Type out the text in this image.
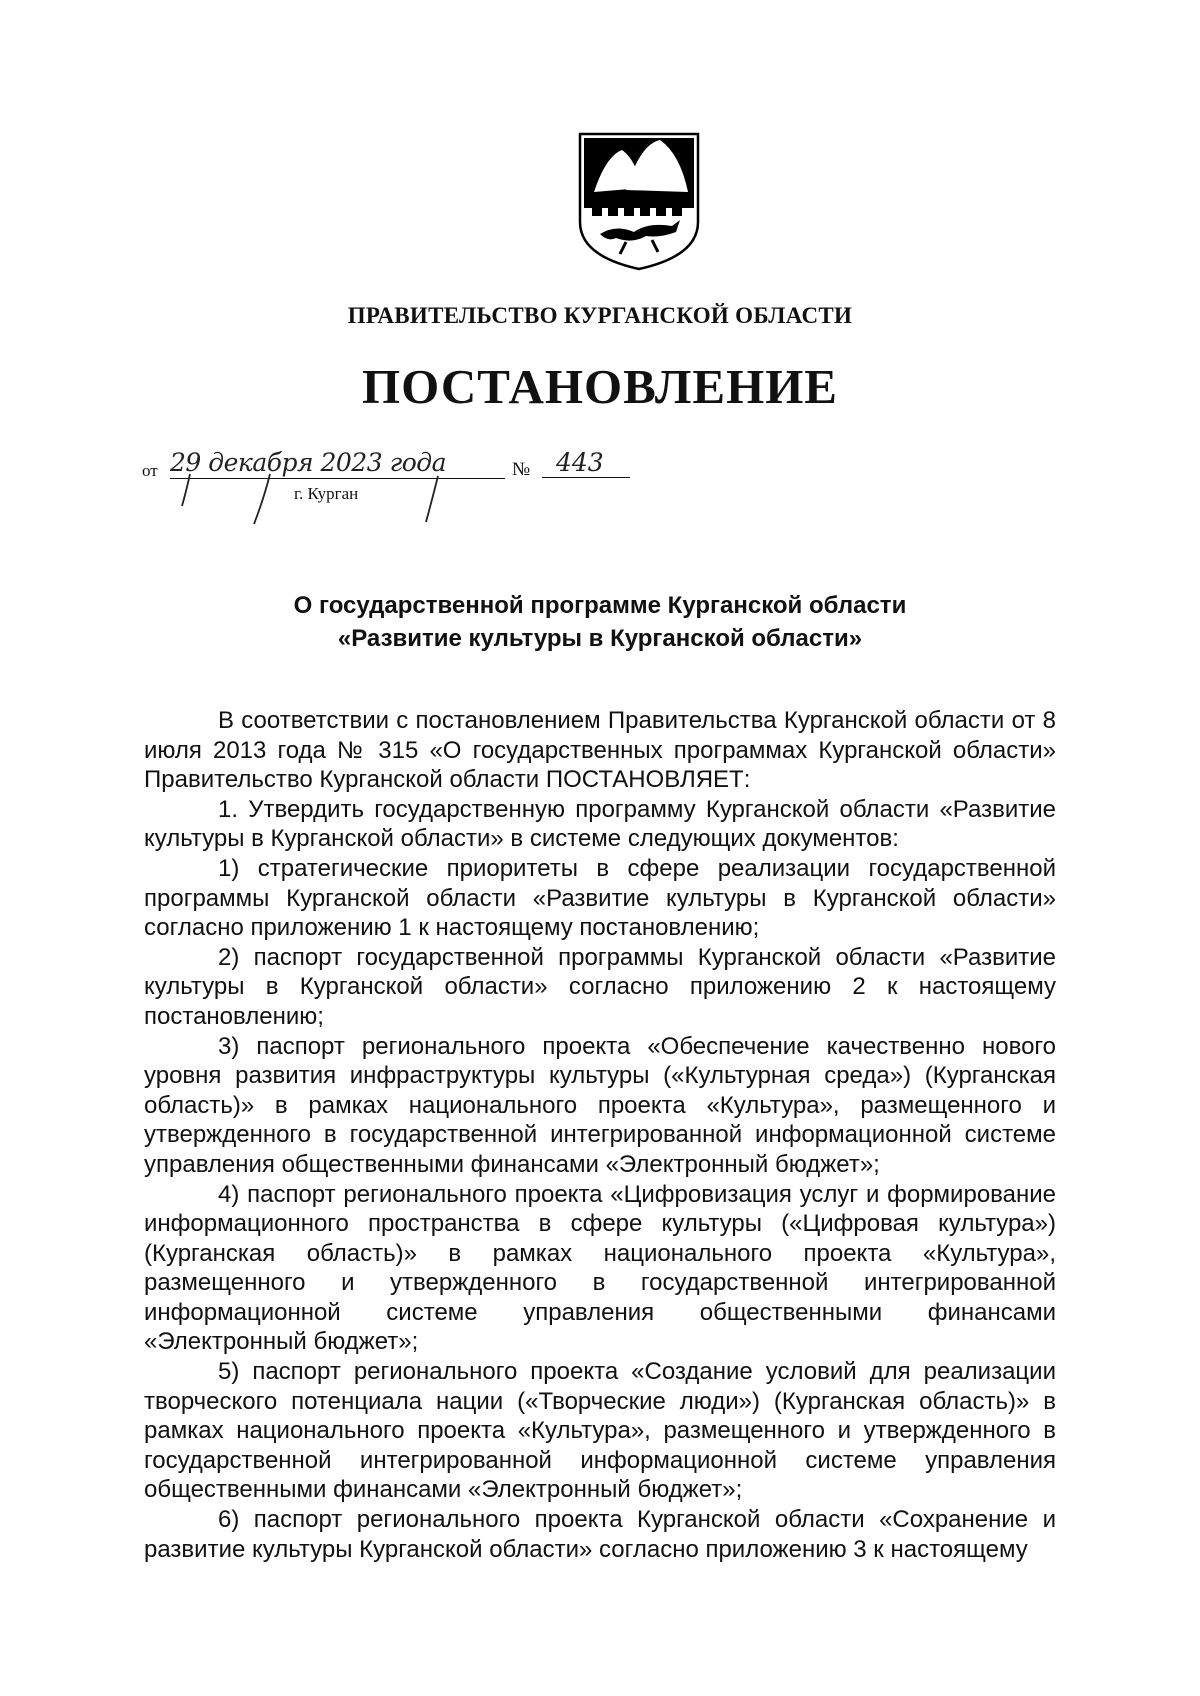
ПРАВИТЕЛЬСТВО КУРГАНСКОЙ ОБЛАСТИ
ПОСТАНОВЛЕНИЕ
от 29 декабря 2023 года	№	443
г. Курган
О государственной программе Курганской области
«Развитие культуры в Курганской области»

В соответствии с постановлением Правительства Курганской области от 8 июля 2013 года № 315 «О государственных программах Курганской области» Правительство Курганской области ПОСТАНОВЛЯЕТ:

1. Утвердить государственную программу Курганской области «Развитие культуры в Курганской области» в системе следующих документов:

1) стратегические приоритеты в сфере реализации государственной программы Курганской области «Развитие культуры в Курганской области» согласно приложению 1 к настоящему постановлению;

2) паспорт государственной программы Курганской области «Развитие культуры в Курганской области» согласно приложению 2 к настоящему постановлению;

3) паспорт регионального проекта «Обеспечение качественно нового уровня развития инфраструктуры культуры («Культурная среда») (Курганская область)» в рамках национального проекта «Культура», размещенного и утвержденного в государственной интегрированной информационной системе управления общественными финансами «Электронный бюджет»;

4) паспорт регионального проекта «Цифровизация услуг и формирование информационного пространства в сфере культуры («Цифровая культура») (Курганская область)» в рамках национального проекта «Культура», размещенного и утвержденного в государственной интегрированной информационной системе управления общественными финансами «Электронный бюджет»;

5) паспорт регионального проекта «Создание условий для реализации творческого потенциала нации («Творческие люди») (Курганская область)» в рамках национального проекта «Культура», размещенного и утвержденного в государственной интегрированной информационной системе управления общественными финансами «Электронный бюджет»;

6) паспорт регионального проекта Курганской области «Сохранение и развитие культуры Курганской области» согласно приложению 3 к настоящему
